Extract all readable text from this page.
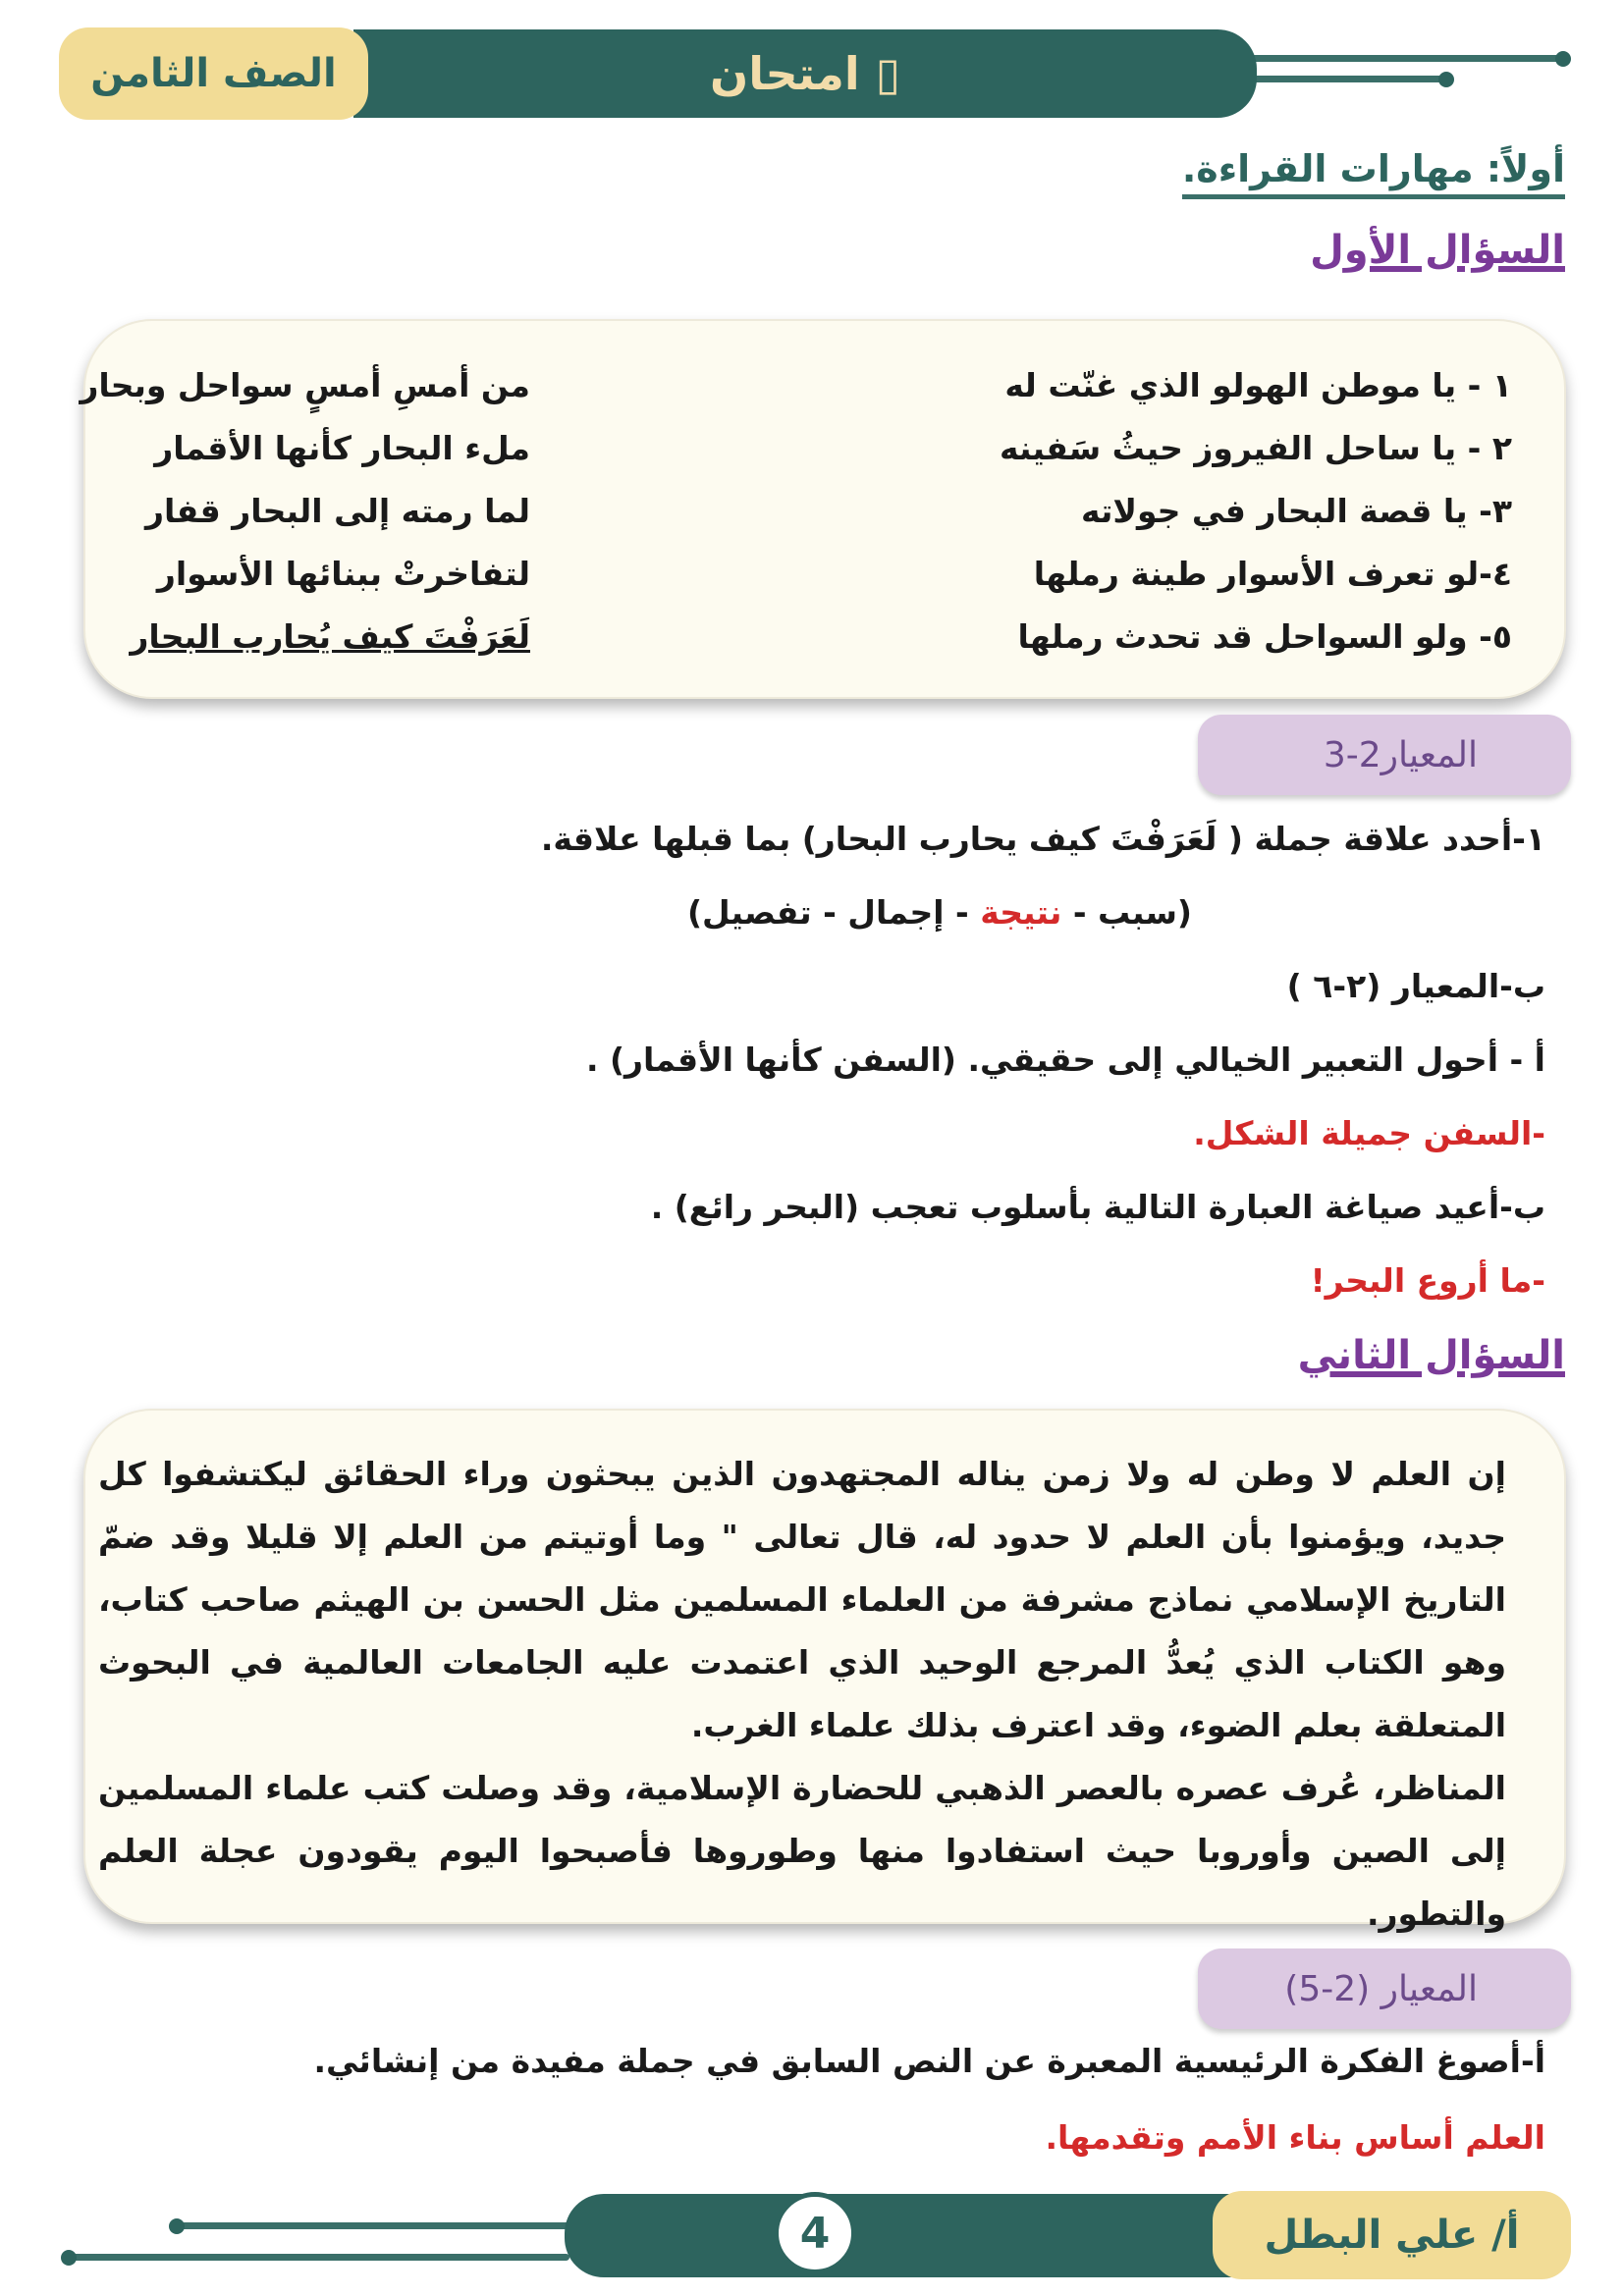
امتحان ▯
الصف الثامن
أولاً: مهارات القراءة.
السؤال الأول
١ - يا موطن الهولو الذي غنّت له
من أمسِ أمسٍ سواحل وبحار
٢ - يا ساحل الفيروز حيثُ سَفينه
ملء البحار كأنها الأقمار
٣- يا قصة البحار في جولاته
لما رمته إلى البحار قفار
٤-لو تعرف الأسوار طينة رملها
لتفاخرتْ ببنائها الأسوار
٥- ولو السواحل قد تحدث رملها
لَعَرَفْتَ كيف يُحارب البحار
المعيار2-3
١-أحدد علاقة جملة ( لَعَرَفْتَ كيف يحارب البحار) بما قبلها علاقة.
(سبب - نتيجة - إجمال - تفصيل)
ب-المعيار (٢-٦ )
أ - أحول التعبير الخيالي إلى حقيقي. (السفن كأنها الأقمار) .
-السفن جميلة الشكل.
ب-أعيد صياغة العبارة التالية بأسلوب تعجب (البحر رائع) .
-ما أروع البحر!
السؤال الثاني

إن العلم لا وطن له ولا زمن يناله المجتهدون الذين يبحثون وراء الحقائق ليكتشفوا كل جديد، ويؤمنوا بأن العلم لا حدود له، قال تعالى " وما أوتيتم من العلم إلا قليلا وقد ضمّ التاريخ الإسلامي نماذج مشرفة من العلماء المسلمين مثل الحسن بن الهيثم صاحب كتاب، وهو الكتاب الذي يُعدُّ المرجع الوحيد الذي اعتمدت عليه الجامعات العالمية في البحوث المتعلقة بعلم الضوء، وقد اعترف بذلك علماء الغرب.

المناظر، عُرف عصره بالعصر الذهبي للحضارة الإسلامية، وقد وصلت كتب علماء المسلمين إلى الصين وأوروبا حيث استفادوا منها وطوروها فأصبحوا اليوم يقودون عجلة العلم والتطور.

المعيار (2-5)
أ-أصوغ الفكرة الرئيسية المعبرة عن النص السابق في جملة مفيدة من إنشائي.
العلم أساس بناء الأمم وتقدمها.
أ/ علي البطل
4
